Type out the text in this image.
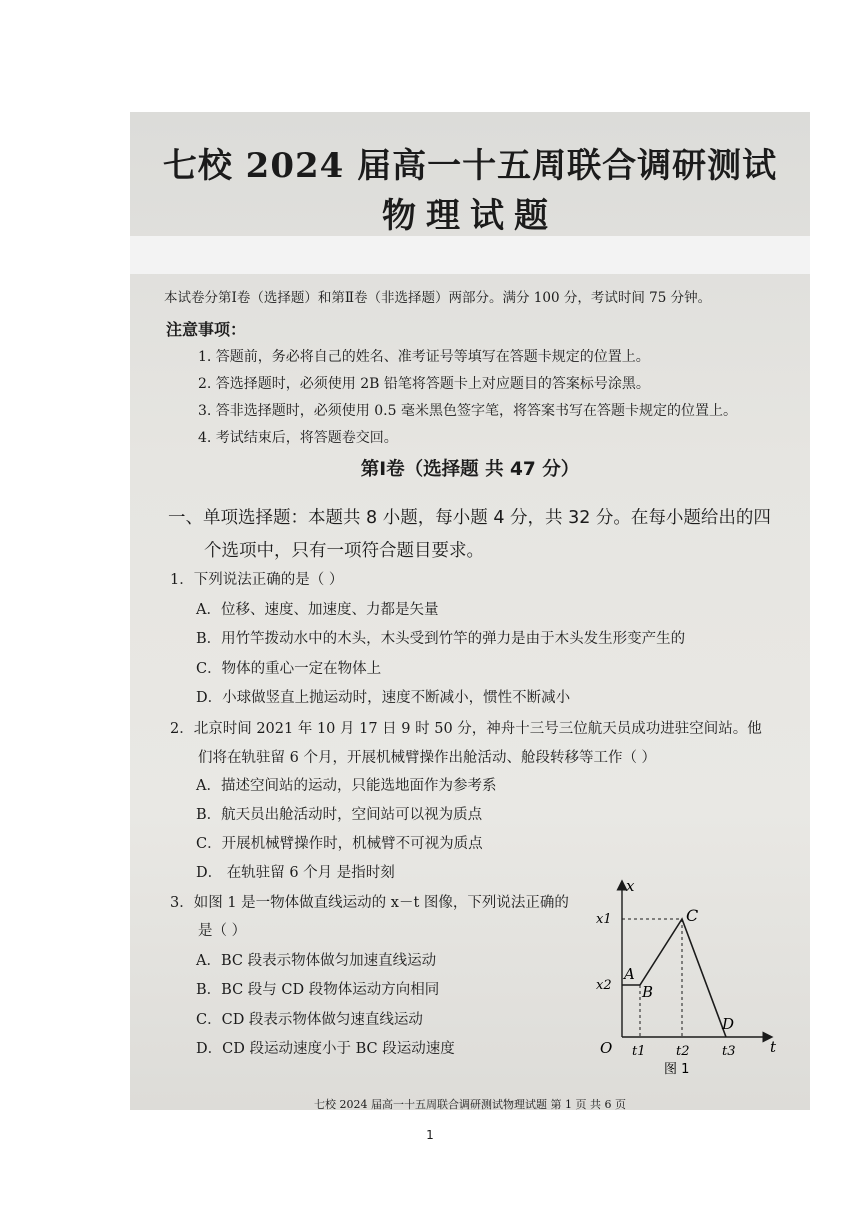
七校 2024 届高一十五周联合调研测试
物理试题
本试卷分第Ⅰ卷（选择题）和第Ⅱ卷（非选择题）两部分。满分 100 分，考试时间 75 分钟。
注意事项：
1. 答题前，务必将自己的姓名、准考证号等填写在答题卡规定的位置上。
2. 答选择题时，必须使用 2B 铅笔将答题卡上对应题目的答案标号涂黑。
3. 答非选择题时，必须使用 0.5 毫米黑色签字笔，将答案书写在答题卡规定的位置上。
4. 考试结束后，将答题卷交回。
第Ⅰ卷（选择题 共 47 分）
一、单项选择题：本题共 8 小题，每小题 4 分，共 32 分。在每小题给出的四
个选项中，只有一项符合题目要求。
1．下列说法正确的是（ ）
A．位移、速度、加速度、力都是矢量
B．用竹竿拨动水中的木头，木头受到竹竿的弹力是由于木头发生形变产生的
C．物体的重心一定在物体上
D．小球做竖直上抛运动时，速度不断减小，惯性不断减小
2．北京时间 2021 年 10 月 17 日 9 时 50 分，神舟十三号三位航天员成功进驻空间站。他
们将在轨驻留 6 个月，开展机械臂操作出舱活动、舱段转移等工作（ ）
A．描述空间站的运动，只能选地面作为参考系
B．航天员出舱活动时，空间站可以视为质点
C．开展机械臂操作时，机械臂不可视为质点
D． 在轨驻留 6 个月 是指时刻
3．如图 1 是一物体做直线运动的 x－t 图像，下列说法正确的
是（ ）
A．BC 段表示物体做匀加速直线运动
B．BC 段与 CD 段物体运动方向相同
C．CD 段表示物体做匀速直线运动
D．CD 段运动速度小于 BC 段运动速度
x
t
O
A
B
C
D
x1
x2
t1 t2	t3
图 1
七校 2024 届高一十五周联合调研测试物理试题 第 1 页 共 6 页
1
